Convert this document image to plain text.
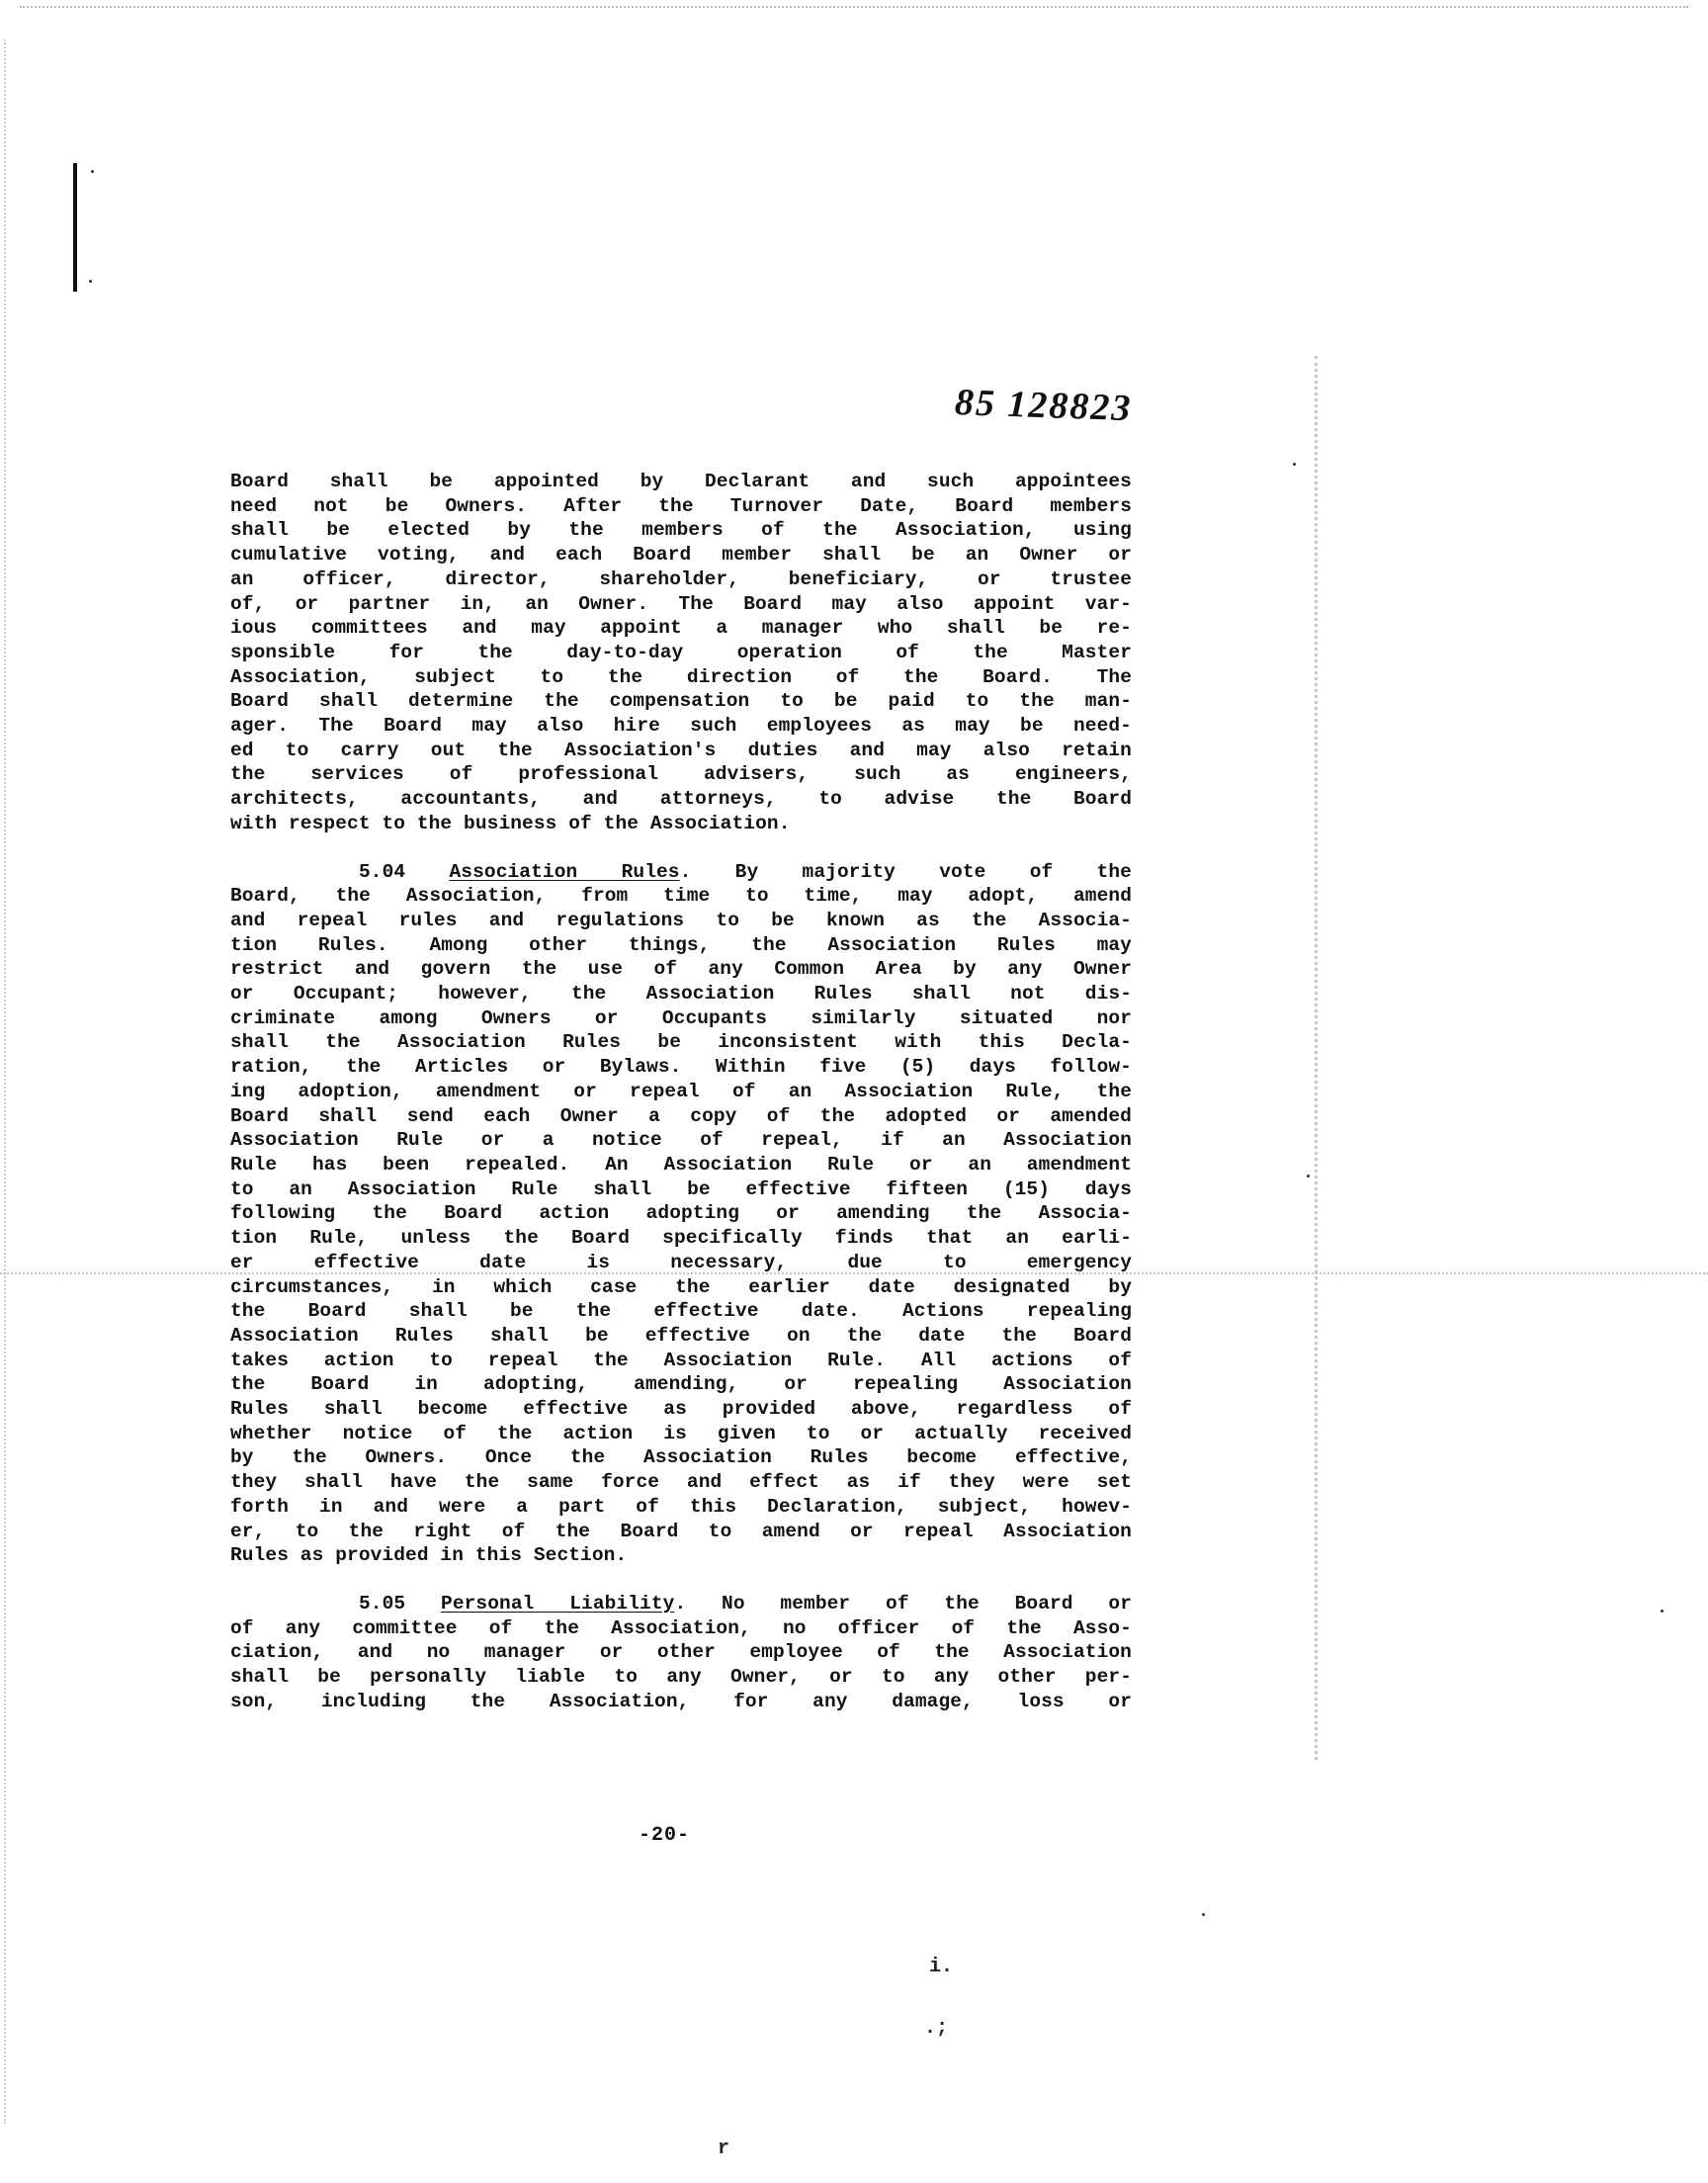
85 128823

Board shall be appointed by Declarant and such appointees
need not be Owners. After the Turnover Date, Board members
shall be elected by the members of the Association, using
cumulative voting, and each Board member shall be an Owner or
an officer, director, shareholder, beneficiary, or trustee
of, or partner in, an Owner. The Board may also appoint var-
ious committees and may appoint a manager who shall be re-
sponsible for the day-to-day operation of the Master
Association, subject to the direction of the Board. The
Board shall determine the compensation to be paid to the man-
ager. The Board may also hire such employees as may be need-
ed to carry out the Association's duties and may also retain
the services of professional advisers, such as engineers,
architects, accountants, and attorneys, to advise the Board
with respect to the business of the Association.

5.04 Association Rules. By majority vote of the
Board, the Association, from time to time, may adopt, amend
and repeal rules and regulations to be known as the Associa-
tion Rules. Among other things, the Association Rules may
restrict and govern the use of any Common Area by any Owner
or Occupant; however, the Association Rules shall not dis-
criminate among Owners or Occupants similarly situated nor
shall the Association Rules be inconsistent with this Decla-
ration, the Articles or Bylaws. Within five (5) days follow-
ing adoption, amendment or repeal of an Association Rule, the
Board shall send each Owner a copy of the adopted or amended
Association Rule or a notice of repeal, if an Association
Rule has been repealed. An Association Rule or an amendment
to an Association Rule shall be effective fifteen (15) days
following the Board action adopting or amending the Associa-
tion Rule, unless the Board specifically finds that an earli-
er effective date is necessary, due to emergency
circumstances, in which case the earlier date designated by
the Board shall be the effective date. Actions repealing
Association Rules shall be effective on the date the Board
takes action to repeal the Association Rule. All actions of
the Board in adopting, amending, or repealing Association
Rules shall become effective as provided above, regardless of
whether notice of the action is given to or actually received
by the Owners. Once the Association Rules become effective,
they shall have the same force and effect as if they were set
forth in and were a part of this Declaration, subject, howev-
er, to the right of the Board to amend or repeal Association
Rules as provided in this Section.

5.05 Personal Liability. No member of the Board or
of any committee of the Association, no officer of the Asso-
ciation, and no manager or other employee of the Association
shall be personally liable to any Owner, or to any other per-
son, including the Association, for any damage, loss or

-20-
i.
.;
r
